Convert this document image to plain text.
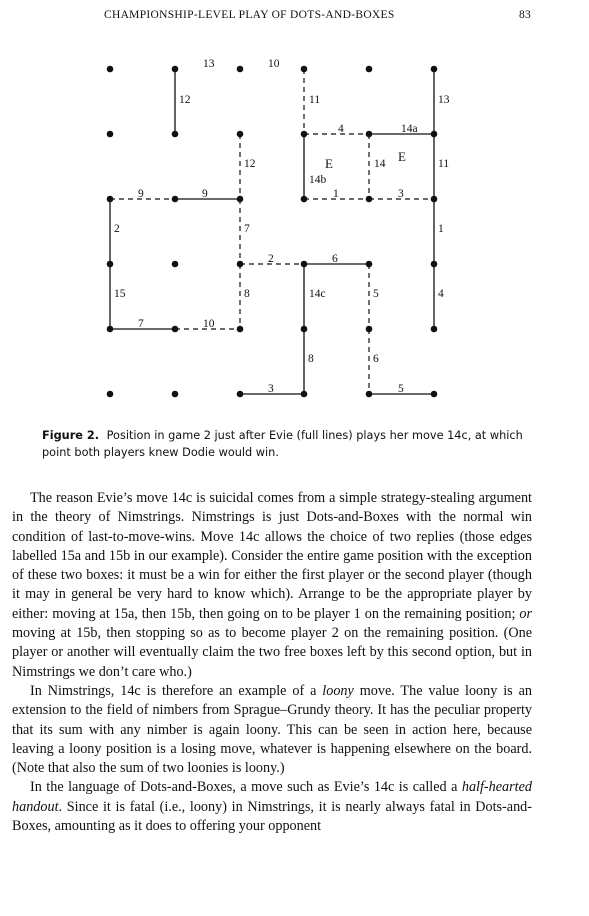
CHAMPIONSHIP-LEVEL PLAY OF DOTS-AND-BOXES	83
13	10
12	11	13
4	14a
12	E	14 E	11
14b
9	9	1	3
2	7	1
2	6
15	8	14c	5	4
7	10
8	6
3	5
Figure 2. Position in game 2 just after Evie (full lines) plays her move 14c, at which point both players knew Dodie would win.

The reason Evie’s move 14c is suicidal comes from a simple strategy-stealing argument in the theory of Nimstrings. Nimstrings is just Dots-and-Boxes with the normal win condition of last-to-move-wins. Move 14c allows the choice of two replies (those edges labelled 15a and 15b in our example). Consider the entire game position with the exception of these two boxes: it must be a win for either the first player or the second player (though it may in general be very hard to know which). Arrange to be the appropriate player by either: moving at 15a, then 15b, then going on to be player 1 on the remaining position; or moving at 15b, then stopping so as to become player 2 on the remaining position. (One player or another will eventually claim the two free boxes left by this second option, but in Nimstrings we don’t care who.)

In Nimstrings, 14c is therefore an example of a loony move. The value loony is an extension to the field of nimbers from Sprague–Grundy theory. It has the peculiar property that its sum with any nimber is again loony. This can be seen in action here, because leaving a loony position is a losing move, whatever is happening elsewhere on the board. (Note that also the sum of two loonies is loony.)

In the language of Dots-and-Boxes, a move such as Evie’s 14c is called a half-hearted handout. Since it is fatal (i.e., loony) in Nimstrings, it is nearly always fatal in Dots-and-Boxes, amounting as it does to offering your opponent
